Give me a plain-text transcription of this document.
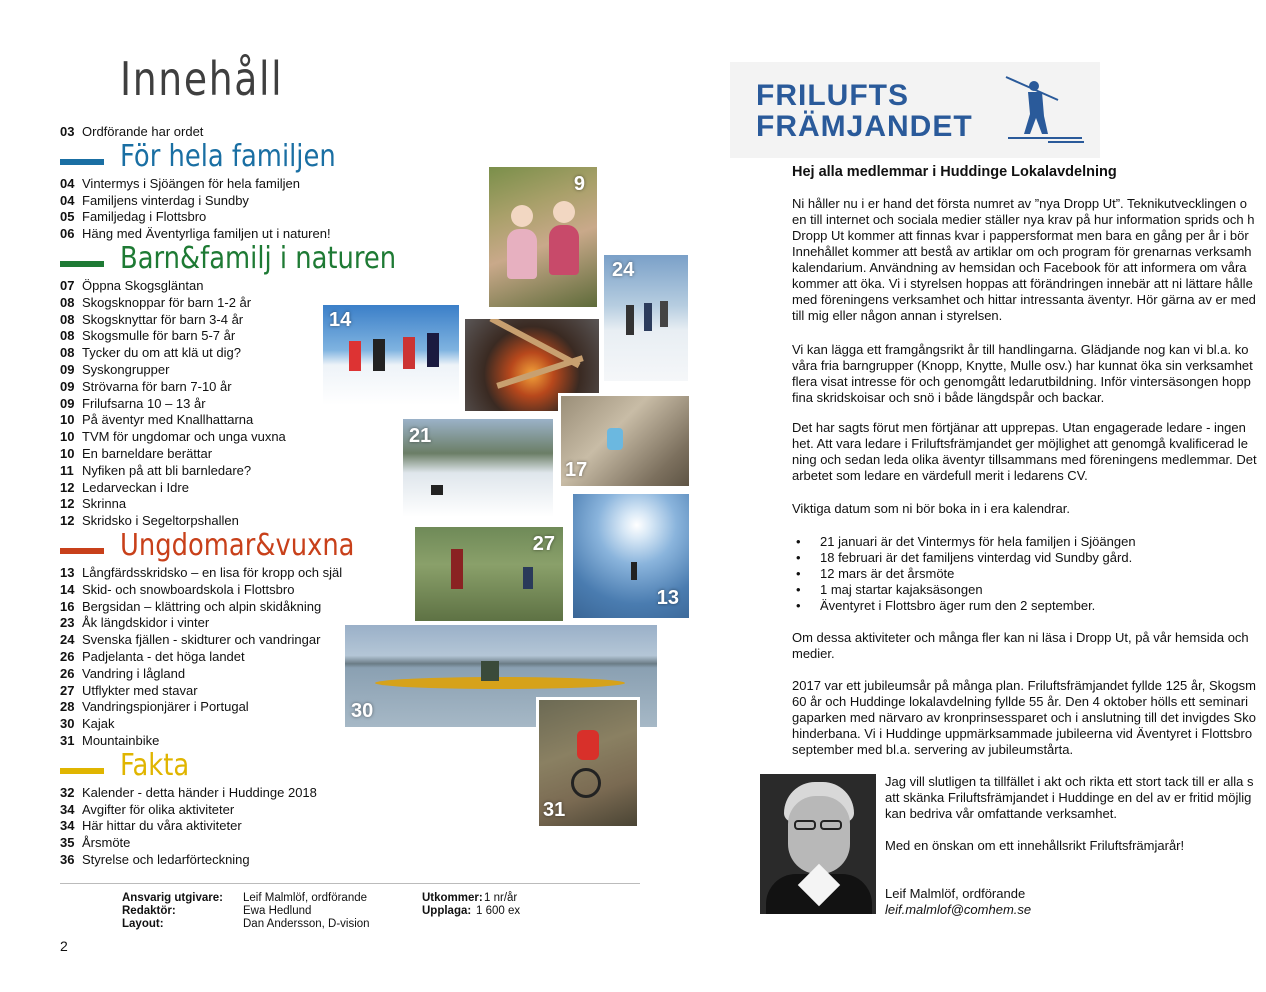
Innehåll
03 Ordförande har ordet
För hela familjen
04 Vintermys i Sjöängen för hela familjen
04 Familjens vinterdag i Sundby
05 Familjedag i Flottsbro
06 Häng med Äventyrliga familjen ut i naturen!
Barn&familj i naturen
07 Öppna Skogsgläntan
08 Skogsknoppar för barn 1-2 år
08 Skogsknyttar för barn 3-4 år
08 Skogsmulle för barn 5-7 år
08 Tycker du om att klä ut dig?
09 Syskongrupper
09 Strövarna för barn 7-10 år
09 Frilufsarna 10 – 13 år
10 På äventyr med Knallhattarna
10 TVM för ungdomar och unga vuxna
10 En barneldare berättar
11 Nyfiken på att bli barnledare?
12 Ledarveckan i Idre
12 Skrinna
12 Skridsko i Segeltorpshallen
Ungdomar&vuxna
13 Långfärdsskridsko – en lisa för kropp och själ
14 Skid- och snowboardskola i Flottsbro
16 Bergsidan – klättring och alpin skidåkning
23 Åk längdskidor i vinter
24 Svenska fjällen - skidturer och vandringar
26 Padjelanta - det höga landet
26 Vandring i lågland
27 Utflykter med stavar
28 Vandringspionjärer i Portugal
30 Kajak
31 Mountainbike
Fakta
32 Kalender - detta händer i Huddinge 2018
34 Avgifter för olika aktiviteter
34 Här hittar du våra aktiviteter
35 Årsmöte
36 Styrelse och ledarförteckning
9
24
14
21
17
27
13
30
31
Ansvarig utgivare: Leif Malmlöf, ordförande
Redaktör:	Ewa Hedlund
Layout:	Dan Andersson, D-vision
Utkommer: 1 nr/år
Upplaga: 1 600 ex
2
FRILUFTS
FRÄMJANDET
Hej alla medlemmar i Huddinge Lokalavdelning
Ni håller nu i er hand det första numret av ”nya Dropp Ut”. Teknikutvecklingen o
en till internet och sociala medier ställer nya krav på hur information sprids och h
Dropp Ut kommer att finnas kvar i pappersformat men bara en gång per år i bör
Innehållet kommer att bestå av artiklar om och program för grenarnas verksamh
kalendarium. Användning av hemsidan och Facebook för att informera om våra
kommer att öka. Vi i styrelsen hoppas att förändringen innebär att ni lättare hålle
med föreningens verksamhet och hittar intressanta äventyr. Hör gärna av er med
till mig eller någon annan i styrelsen.
Vi kan lägga ett framgångsrikt år till handlingarna. Glädjande nog kan vi bl.a. ko
våra fria barngrupper (Knopp, Knytte, Mulle osv.) har kunnat öka sin verksamhet
flera visat intresse för och genomgått ledarutbildning. Inför vintersäsongen hopp
fina skridskoisar och snö i både längdspår och backar.
Det har sagts förut men förtjänar att upprepas. Utan engagerade ledare - ingen
het. Att vara ledare i Friluftsfrämjandet ger möjlighet att genomgå kvalificerad le
ning och sedan leda olika äventyr tillsammans med föreningens medlemmar. Det
arbetet som ledare en värdefull merit i ledarens CV.
Viktiga datum som ni bör boka in i era kalendrar.
• 21 januari är det Vintermys för hela familjen i Sjöängen
• 18 februari är det familjens vinterdag vid Sundby gård.
• 12 mars är det årsmöte
• 1 maj startar kajaksäsongen
• Äventyret i Flottsbro äger rum den 2 september.
Om dessa aktiviteter och många fler kan ni läsa i Dropp Ut, på vår hemsida och
medier.
2017 var ett jubileumsår på många plan. Friluftsfrämjandet fyllde 125 år, Skogsm
60 år och Huddinge lokalavdelning fyllde 55 år. Den 4 oktober hölls ett seminari
gaparken med närvaro av kronprinsessparet och i anslutning till det invigdes Sko
hinderbana. Vi i Huddinge uppmärksammade jubileerna vid Äventyret i Flottsbro
september med bl.a. servering av jubileumstårta.
Jag vill slutligen ta tillfället i akt och rikta ett stort tack till er alla s
att skänka Friluftsfrämjandet i Huddinge en del av er fritid möjlig
kan bedriva vår omfattande verksamhet.
Med en önskan om ett innehållsrikt Friluftsfrämjarår!
Leif Malmlöf, ordförande
leif.malmlof@comhem.se
